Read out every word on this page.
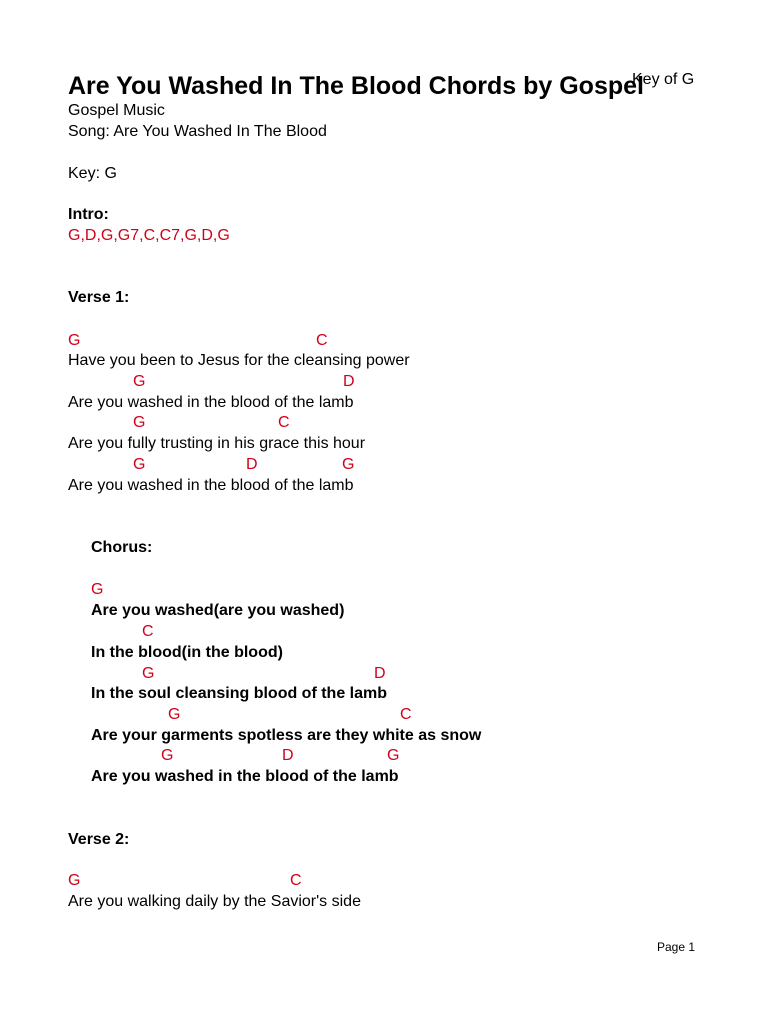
Are You Washed In The Blood Chords by Gospel
Key of G
Gospel Music
Song: Are You Washed In The Blood
Key: G
Intro:
G,D,G,G7,C,C7,G,D,G
Verse 1:
G	C
Have you been to Jesus for the cleansing power
G	D
Are you washed in the blood of the lamb
G	C
Are you fully trusting in his grace this hour
G	D	G
Are you washed in the blood of the lamb
Chorus:
G
Are you washed(are you washed)
C
In the blood(in the blood)
G	D
In the soul cleansing blood of the lamb
G	C
Are your garments spotless are they white as snow
G	D	G
Are you washed in the blood of the lamb
Verse 2:
G	C
Are you walking daily by the Savior's side
Page 1
